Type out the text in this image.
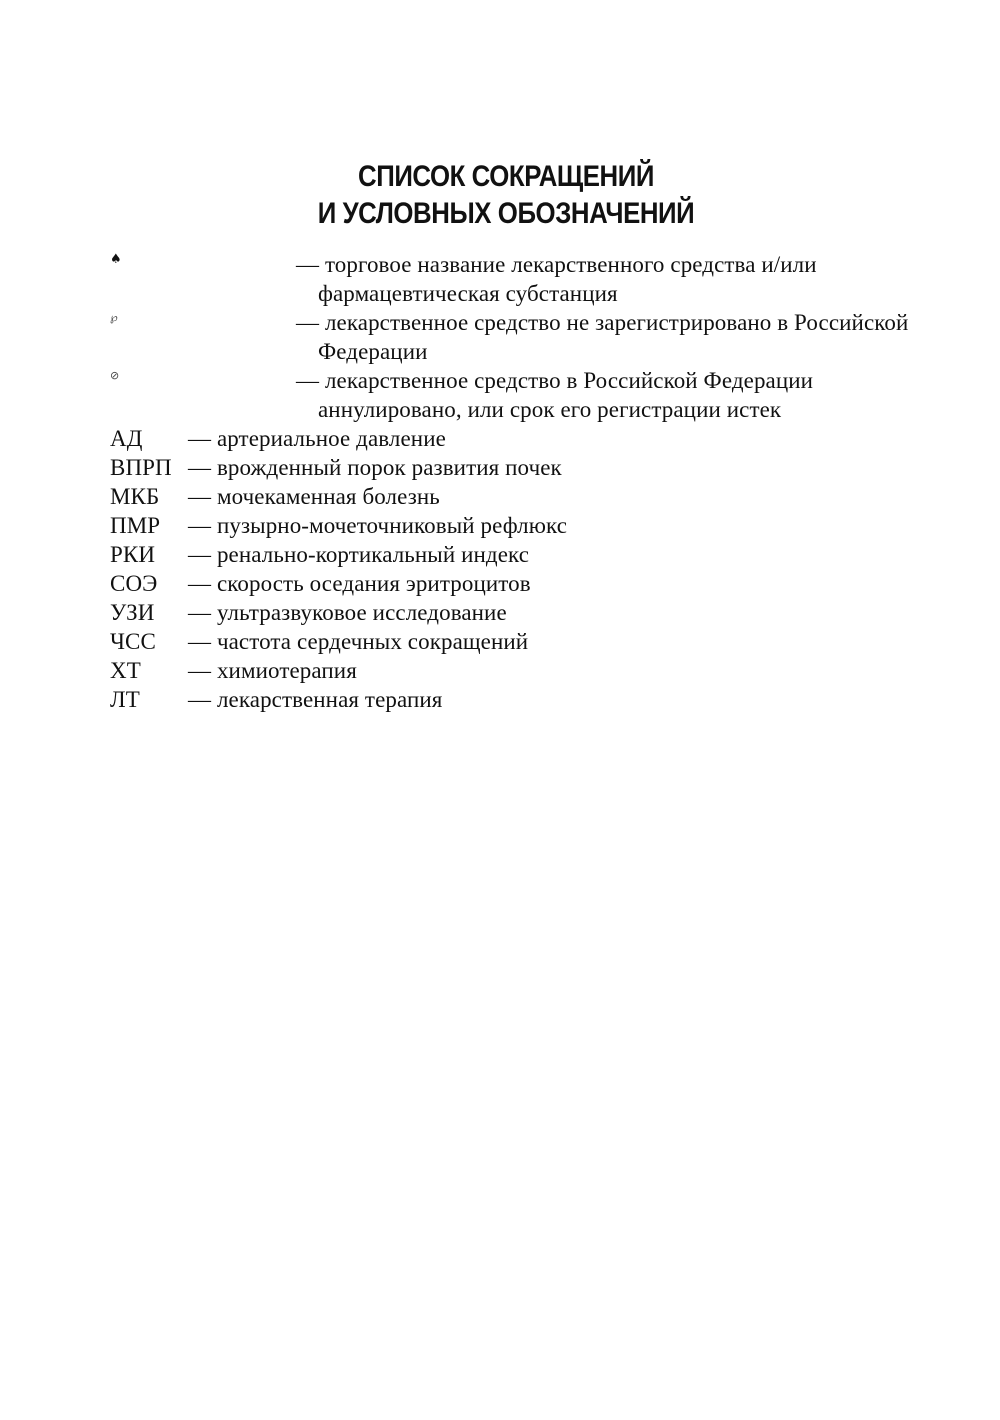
СПИСОК СОКРАЩЕНИЙ
И УСЛОВНЫХ ОБОЗНАЧЕНИЙ
♠	— торговое название лекарственного средства и/или фармацевтическая субстанция
℘	— лекарственное средство не зарегистрировано в Российской Федерации
⊘	— лекарственное средство в Российской Федерации аннулировано, или срок его регистрации истек
АД — артериальное давление
ВПРП — врожденный порок развития почек
МКБ — мочекаменная болезнь
ПМР — пузырно-мочеточниковый рефлюкс
РКИ — ренально-кортикальный индекс
СОЭ — скорость оседания эритроцитов
УЗИ — ультразвуковое исследование
ЧСС — частота сердечных сокращений
ХТ — химиотерапия
ЛТ — лекарственная терапия
